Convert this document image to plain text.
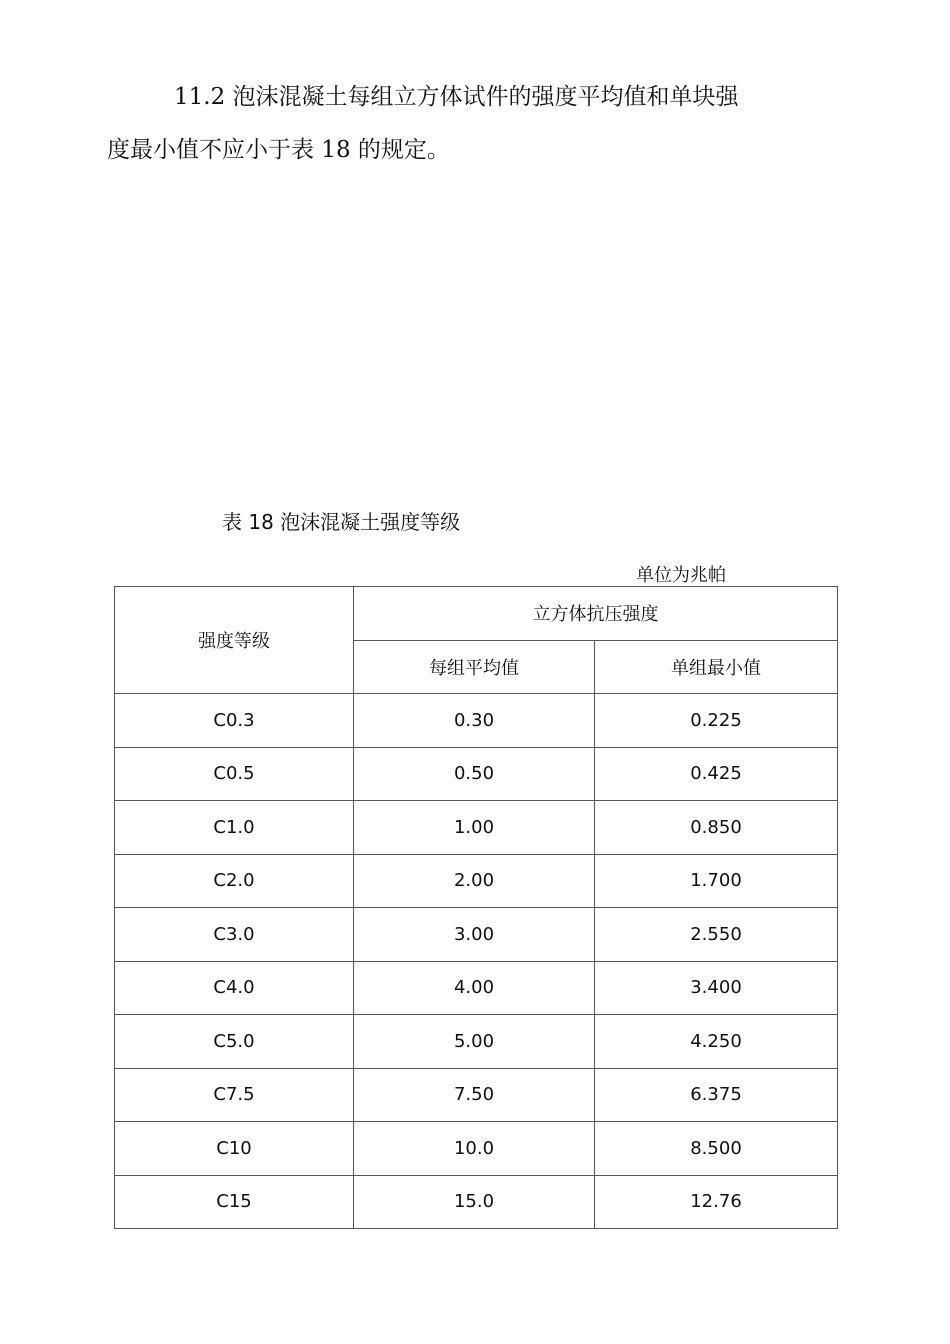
11.2 泡沫混凝土每组立方体试件的强度平均值和单块强
度最小值不应小于表 18 的规定。
表 18 泡沫混凝土强度等级
单位为兆帕
强度等级	立方体抗压强度	
	每组平均值	单组最小值
C0.3	0.30	0.225
C0.5	0.50	0.425
C1.0	1.00	0.850
C2.0	2.00	1.700
C3.0	3.00	2.550
C4.0	4.00	3.400
C5.0	5.00	4.250
C7.5	7.50	6.375
C10	10.0	8.500
C15	15.0	12.76
